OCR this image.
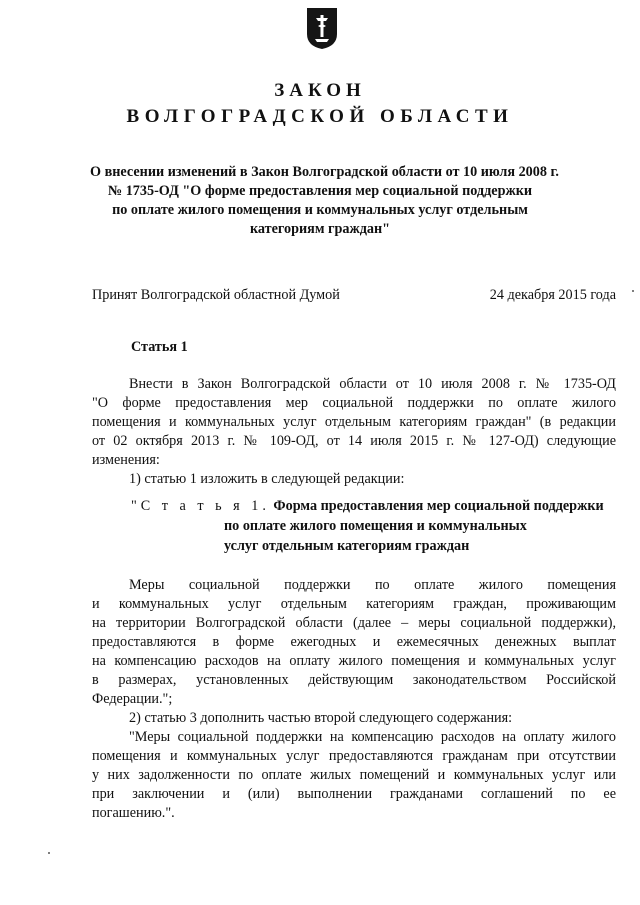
ЗАКОН
ВОЛГОГРАДСКОЙ ОБЛАСТИ
О внесении изменений в Закон Волгоградской области от 10 июля 2008 г.
№ 1735-ОД "О форме предоставления мер социальной поддержки
по оплате жилого помещения и коммунальных услуг отдельным
категориям граждан"
Принят Волгоградской областной Думой	24 декабря 2015 года
Статья 1
Внести в Закон Волгоградской области от 10 июля 2008 г. № 1735-ОД
"О форме предоставления мер социальной поддержки по оплате жилого
помещения и коммунальных услуг отдельным категориям граждан" (в редакции
от 02 октября 2013 г. № 109-ОД, от 14 июля 2015 г. № 127-ОД) следующие
изменения:
1) статью 1 изложить в следующей редакции:
"С т а т ь я 1. Форма предоставления мер социальной поддержки
по оплате жилого помещения и коммунальных
услуг отдельным категориям граждан
Меры социальной поддержки по оплате жилого помещения
и коммунальных услуг отдельным категориям граждан, проживающим
на территории Волгоградской области (далее – меры социальной поддержки),
предоставляются в форме ежегодных и ежемесячных денежных выплат
на компенсацию расходов на оплату жилого помещения и коммунальных услуг
в размерах, установленных действующим законодательством Российской
Федерации.";
2) статью 3 дополнить частью второй следующего содержания:
"Меры социальной поддержки на компенсацию расходов на оплату жилого
помещения и коммунальных услуг предоставляются гражданам при отсутствии
у них задолженности по оплате жилых помещений и коммунальных услуг или
при заключении и (или) выполнении гражданами соглашений по ее
погашению.".
